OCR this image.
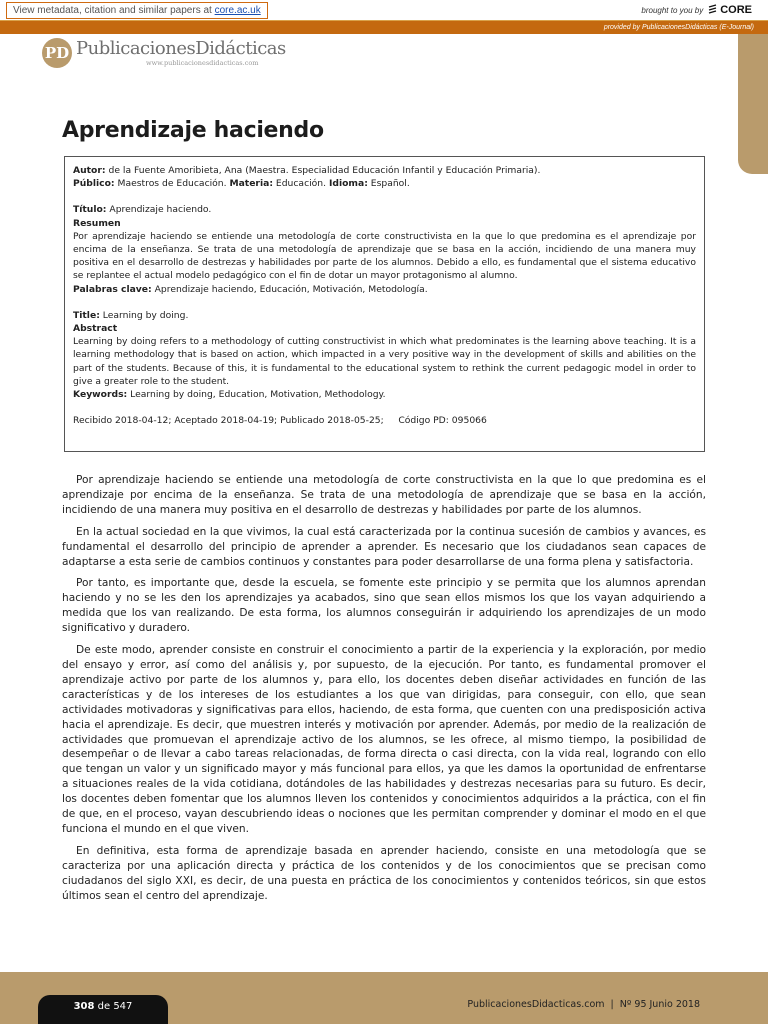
View metadata, citation and similar papers at core.ac.uk	brought to you by CORE
provided by PublicacionesDidácticas (E-Journal)
PD PublicacionesDidácticas
www.publicacionesdidacticas.com
Aprendizaje haciendo

Autor: de la Fuente Amoribieta, Ana (Maestra. Especialidad Educación Infantil y Educación Primaria).

Público: Maestros de Educación. Materia: Educación. Idioma: Español.

Título: Aprendizaje haciendo.

Resumen

Por aprendizaje haciendo se entiende una metodología de corte constructivista en la que lo que predomina es el aprendizaje por encima de la enseñanza. Se trata de una metodología de aprendizaje que se basa en la acción, incidiendo de una manera muy positiva en el desarrollo de destrezas y habilidades por parte de los alumnos. Debido a ello, es fundamental que el sistema educativo se replantee el actual modelo pedagógico con el fin de dotar un mayor protagonismo al alumno.

Palabras clave: Aprendizaje haciendo, Educación, Motivación, Metodología.

Title: Learning by doing.

Abstract

Learning by doing refers to a methodology of cutting constructivist in which what predominates is the learning above teaching. It is a learning methodology that is based on action, which impacted in a very positive way in the development of skills and abilities on the part of the students. Because of this, it is fundamental to the educational system to rethink the current pedagogic model in order to give a greater role to the student.

Keywords: Learning by doing, Education, Motivation, Methodology.

Recibido 2018-04-12; Aceptado 2018-04-19; Publicado 2018-05-25;     Código PD: 095066

Por aprendizaje haciendo se entiende una metodología de corte constructivista en la que lo que predomina es el aprendizaje por encima de la enseñanza. Se trata de una metodología de aprendizaje que se basa en la acción, incidiendo de una manera muy positiva en el desarrollo de destrezas y habilidades por parte de los alumnos.

En la actual sociedad en la que vivimos, la cual está caracterizada por la continua sucesión de cambios y avances, es fundamental el desarrollo del principio de aprender a aprender. Es necesario que los ciudadanos sean capaces de adaptarse a esta serie de cambios continuos y constantes para poder desarrollarse de una forma plena y satisfactoria.

Por tanto, es importante que, desde la escuela, se fomente este principio y se permita que los alumnos aprendan haciendo y no se les den los aprendizajes ya acabados, sino que sean ellos mismos los que los vayan adquiriendo a medida que los van realizando. De esta forma, los alumnos conseguirán ir adquiriendo los aprendizajes de un modo significativo y duradero.

De este modo, aprender consiste en construir el conocimiento a partir de la experiencia y la exploración, por medio del ensayo y error, así como del análisis y, por supuesto, de la ejecución. Por tanto, es fundamental promover el aprendizaje activo por parte de los alumnos y, para ello, los docentes deben diseñar actividades en función de las características y de los intereses de los estudiantes a los que van dirigidas, para conseguir, con ello, que sean actividades motivadoras y significativas para ellos, haciendo, de esta forma, que cuenten con una predisposición activa hacia el aprendizaje. Es decir, que muestren interés y motivación por aprender. Además, por medio de la realización de actividades que promuevan el aprendizaje activo de los alumnos, se les ofrece, al mismo tiempo, la posibilidad de desempeñar o de llevar a cabo tareas relacionadas, de forma directa o casi directa, con la vida real, logrando con ello que tengan un valor y un significado mayor y más funcional para ellos, ya que les damos la oportunidad de enfrentarse a situaciones reales de la vida cotidiana, dotándoles de las habilidades y destrezas necesarias para su futuro. Es decir, los docentes deben fomentar que los alumnos lleven los contenidos y conocimientos adquiridos a la práctica, con el fin de que, en el proceso, vayan descubriendo ideas o nociones que les permitan comprender y dominar el modo en el que funciona el mundo en el que viven.

En definitiva, esta forma de aprendizaje basada en aprender haciendo, consiste en una metodología que se caracteriza por una aplicación directa y práctica de los contenidos y de los conocimientos que se precisan como ciudadanos del siglo XXI, es decir, de una puesta en práctica de los conocimientos y contenidos teóricos, sin que estos últimos sean el centro del aprendizaje.

308 de 547	PublicacionesDidacticas.com  |  Nº 95 Junio 2018
